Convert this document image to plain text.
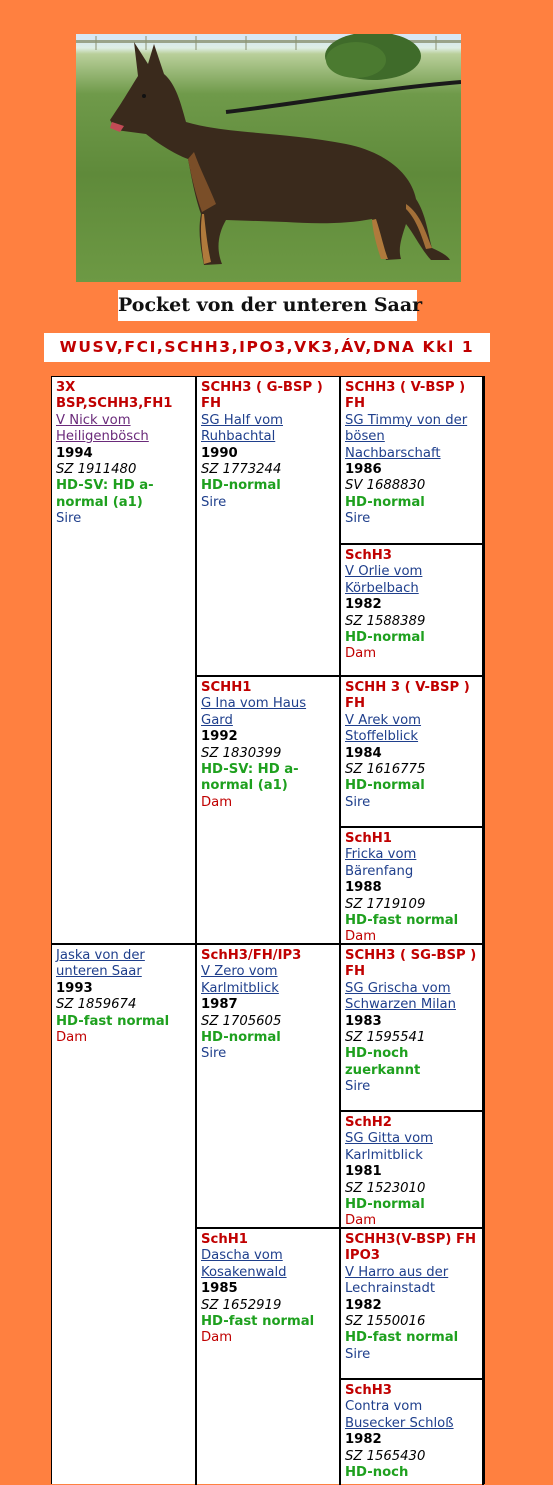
Pocket von der unteren Saar
WUSV,FCI,SCHH3,IPO3,VK3,ÁV,DNA Kkl 1
3X BSP,SCHH3,FH1
V Nick vom Heiligenbösch
1994
SZ 1911480
HD-SV: HD a-normal (a1)
Sire
Jaska von der unteren Saar
1993
SZ 1859674
HD-fast normal
Dam
SCHH3 ( G-BSP ) FH
SG Half vom Ruhbachtal
1990
SZ 1773244
HD-normal
Sire
SCHH1
G Ina vom Haus Gard
1992
SZ 1830399
HD-SV: HD a-normal (a1)
Dam
SchH3/FH/IP3
V Zero vom Karlmitblick
1987
SZ 1705605
HD-normal
Sire
SchH1
Dascha vom Kosakenwald
1985
SZ 1652919
HD-fast normal
Dam
SCHH3 ( V-BSP ) FH
SG Timmy von der bösen Nachbarschaft
1986
SV 1688830
HD-normal
Sire
SchH3
V Orlie vom Körbelbach
1982
SZ 1588389
HD-normal
Dam
SCHH 3 ( V-BSP ) FH
V Arek vom Stoffelblick
1984
SZ 1616775
HD-normal
Sire
SchH1
Fricka vom
Bärenfang
1988
SZ 1719109
HD-fast normal
Dam
SCHH3 ( SG-BSP ) FH
SG Grischa vom Schwarzen Milan
1983
SZ 1595541
HD-noch zuerkannt
Sire
SchH2
SG Gitta vom
Karlmitblick
1981
SZ 1523010
HD-normal
Dam
SCHH3(V-BSP) FH IPO3
V Harro aus der
Lechrainstadt
1982
SZ 1550016
HD-fast normal
Sire
SchH3
Contra vom
Busecker Schloß
1982
SZ 1565430
HD-noch
